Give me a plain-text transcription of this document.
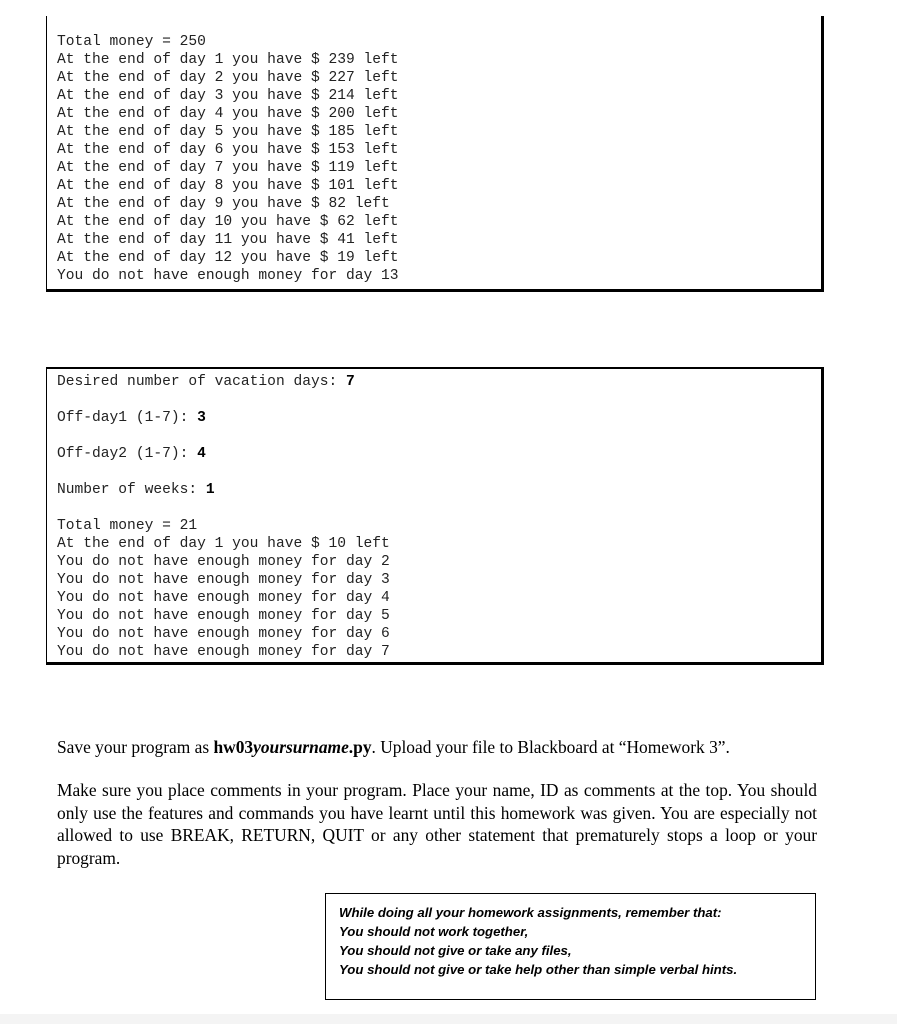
Total money = 250
At the end of day 1 you have $ 239 left
At the end of day 2 you have $ 227 left
At the end of day 3 you have $ 214 left
At the end of day 4 you have $ 200 left
At the end of day 5 you have $ 185 left
At the end of day 6 you have $ 153 left
At the end of day 7 you have $ 119 left
At the end of day 8 you have $ 101 left
At the end of day 9 you have $ 82 left
At the end of day 10 you have $ 62 left
At the end of day 11 you have $ 41 left
At the end of day 12 you have $ 19 left
You do not have enough money for day 13
Desired number of vacation days: 7
Off-day1 (1-7): 3
Off-day2 (1-7): 4
Number of weeks: 1
Total money = 21
At the end of day 1 you have $ 10 left
You do not have enough money for day 2
You do not have enough money for day 3
You do not have enough money for day 4
You do not have enough money for day 5
You do not have enough money for day 6
You do not have enough money for day 7

Save your program as hw03yoursurname.py. Upload your file to Blackboard at “Homework 3”.

Make sure you place comments in your program. Place your name, ID as comments at the top. You should only use the features and commands you have learnt until this homework was given. You are especially not allowed to use BREAK, RETURN, QUIT or any other statement that prematurely stops a loop or your program.

While doing all your homework assignments, remember that:
You should not work together,
You should not give or take any files,
You should not give or take help other than simple verbal hints.
